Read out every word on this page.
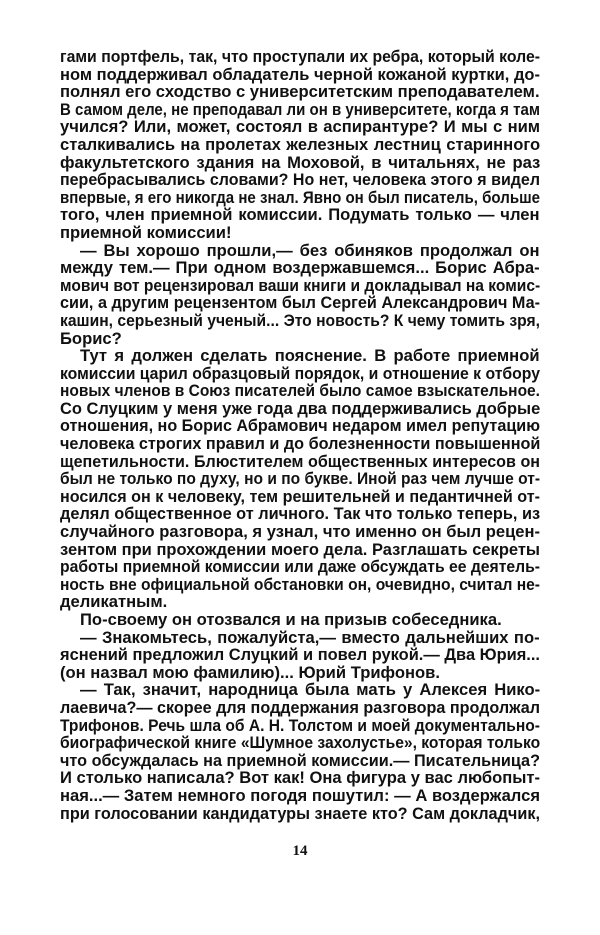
гами портфель, так, что проступали их ребра, который коле-
ном поддерживал обладатель черной кожаной куртки, до-
полнял его сходство с университетским преподавателем.
В самом деле, не преподавал ли он в университете, когда я там
учился? Или, может, состоял в аспирантуре? И мы с ним
сталкивались на пролетах железных лестниц старинного
факультетского здания на Моховой, в читальнях, не раз
перебрасывались словами? Но нет, человека этого я видел
впервые, я его никогда не знал. Явно он был писатель, больше
того, член приемной комиссии. Подумать только — член
приемной комиссии!
— Вы хорошо прошли,— без обиняков продолжал он
между тем.— При одном воздержавшемся... Борис Абра-
мович вот рецензировал ваши книги и докладывал на комис-
сии, а другим рецензентом был Сергей Александрович Ма-
кашин, серьезный ученый... Это новость? К чему томить зря,
Борис?
Тут я должен сделать пояснение. В работе приемной
комиссии царил образцовый порядок, и отношение к отбору
новых членов в Союз писателей было самое взыскательное.
Со Слуцким у меня уже года два поддерживались добрые
отношения, но Борис Абрамович недаром имел репутацию
человека строгих правил и до болезненности повышенной
щепетильности. Блюстителем общественных интересов он
был не только по духу, но и по букве. Иной раз чем лучше от-
носился он к человеку, тем решительней и педантичней от-
делял общественное от личного. Так что только теперь, из
случайного разговора, я узнал, что именно он был рецен-
зентом при прохождении моего дела. Разглашать секреты
работы приемной комиссии или даже обсуждать ее деятель-
ность вне официальной обстановки он, очевидно, считал не-
деликатным.
По-своему он отозвался и на призыв собеседника.
— Знакомьтесь, пожалуйста,— вместо дальнейших по-
яснений предложил Слуцкий и повел рукой.— Два Юрия...
(он назвал мою фамилию)... Юрий Трифонов.
— Так, значит, народница была мать у Алексея Нико-
лаевича?— скорее для поддержания разговора продолжал
Трифонов. Речь шла об А. Н. Толстом и моей документально-
биографической книге «Шумное захолустье», которая только
что обсуждалась на приемной комиссии.— Писательница?
И столько написала? Вот как! Она фигура у вас любопыт-
ная...— Затем немного погодя пошутил: — А воздержался
при голосовании кандидатуры знаете кто? Сам докладчик,
14
